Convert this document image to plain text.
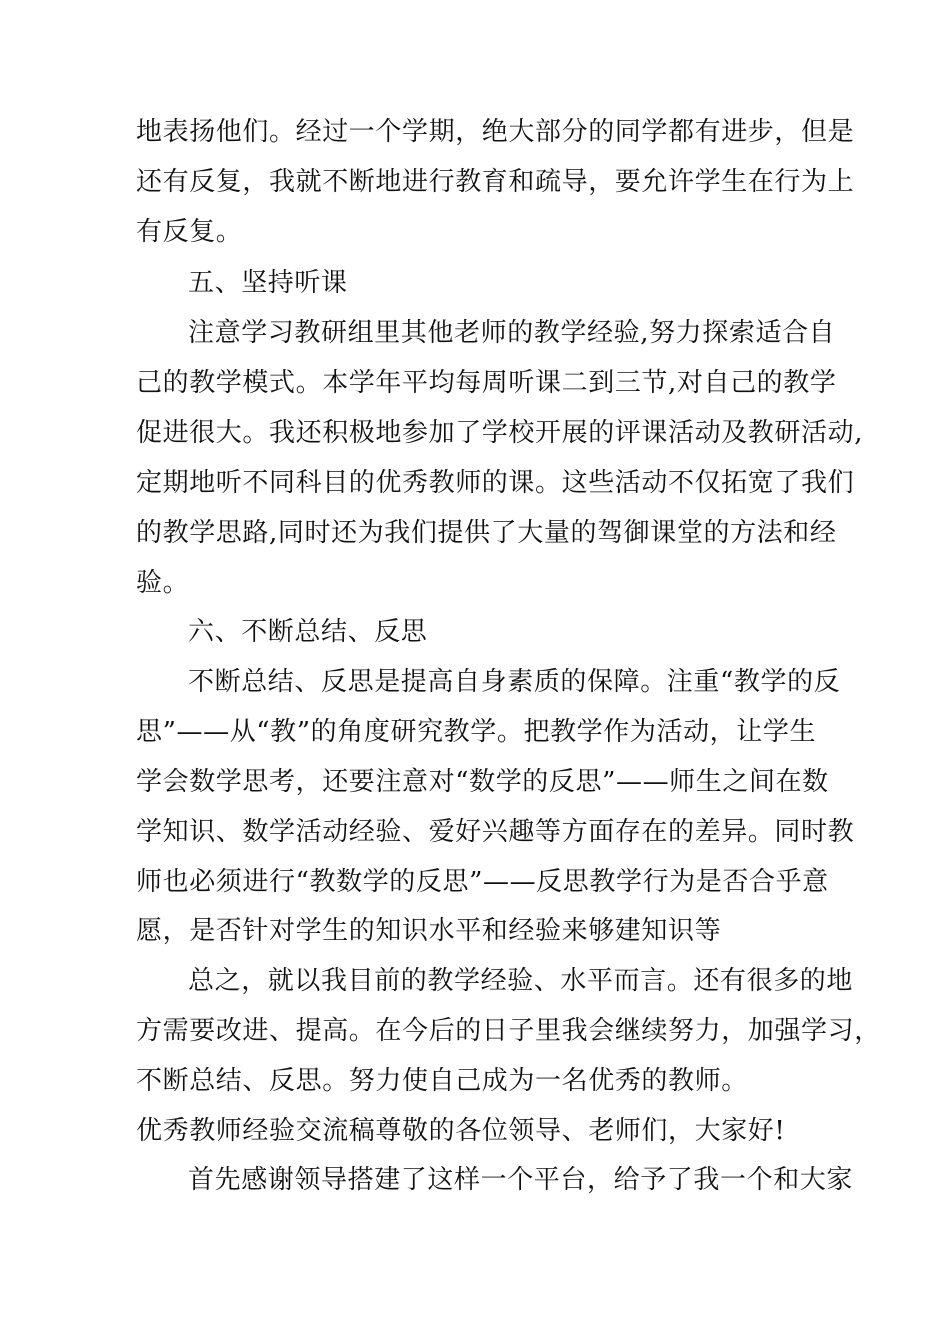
地表扬他们。经过一个学期，绝大部分的同学都有进步，但是
还有反复，我就不断地进行教育和疏导，要允许学生在行为上
有反复。
五、坚持听课
注意学习教研组里其他老师的教学经验,努力探索适合自
己的教学模式。本学年平均每周听课二到三节,对自己的教学
促进很大。我还积极地参加了学校开展的评课活动及教研活动,
定期地听不同科目的优秀教师的课。这些活动不仅拓宽了我们
的教学思路,同时还为我们提供了大量的驾御课堂的方法和经
验。
六、不断总结、反思
不断总结、反思是提高自身素质的保障。注重“教学的反
思”——从“教”的角度研究教学。把教学作为活动，让学生
学会数学思考，还要注意对“数学的反思”——师生之间在数
学知识、数学活动经验、爱好兴趣等方面存在的差异。同时教
师也必须进行“教数学的反思”——反思教学行为是否合乎意
愿，是否针对学生的知识水平和经验来够建知识等
总之，就以我目前的教学经验、水平而言。还有很多的地
方需要改进、提高。在今后的日子里我会继续努力，加强学习，
不断总结、反思。努力使自己成为一名优秀的教师。
优秀教师经验交流稿尊敬的各位领导、老师们，大家好!
首先感谢领导搭建了这样一个平台，给予了我一个和大家
